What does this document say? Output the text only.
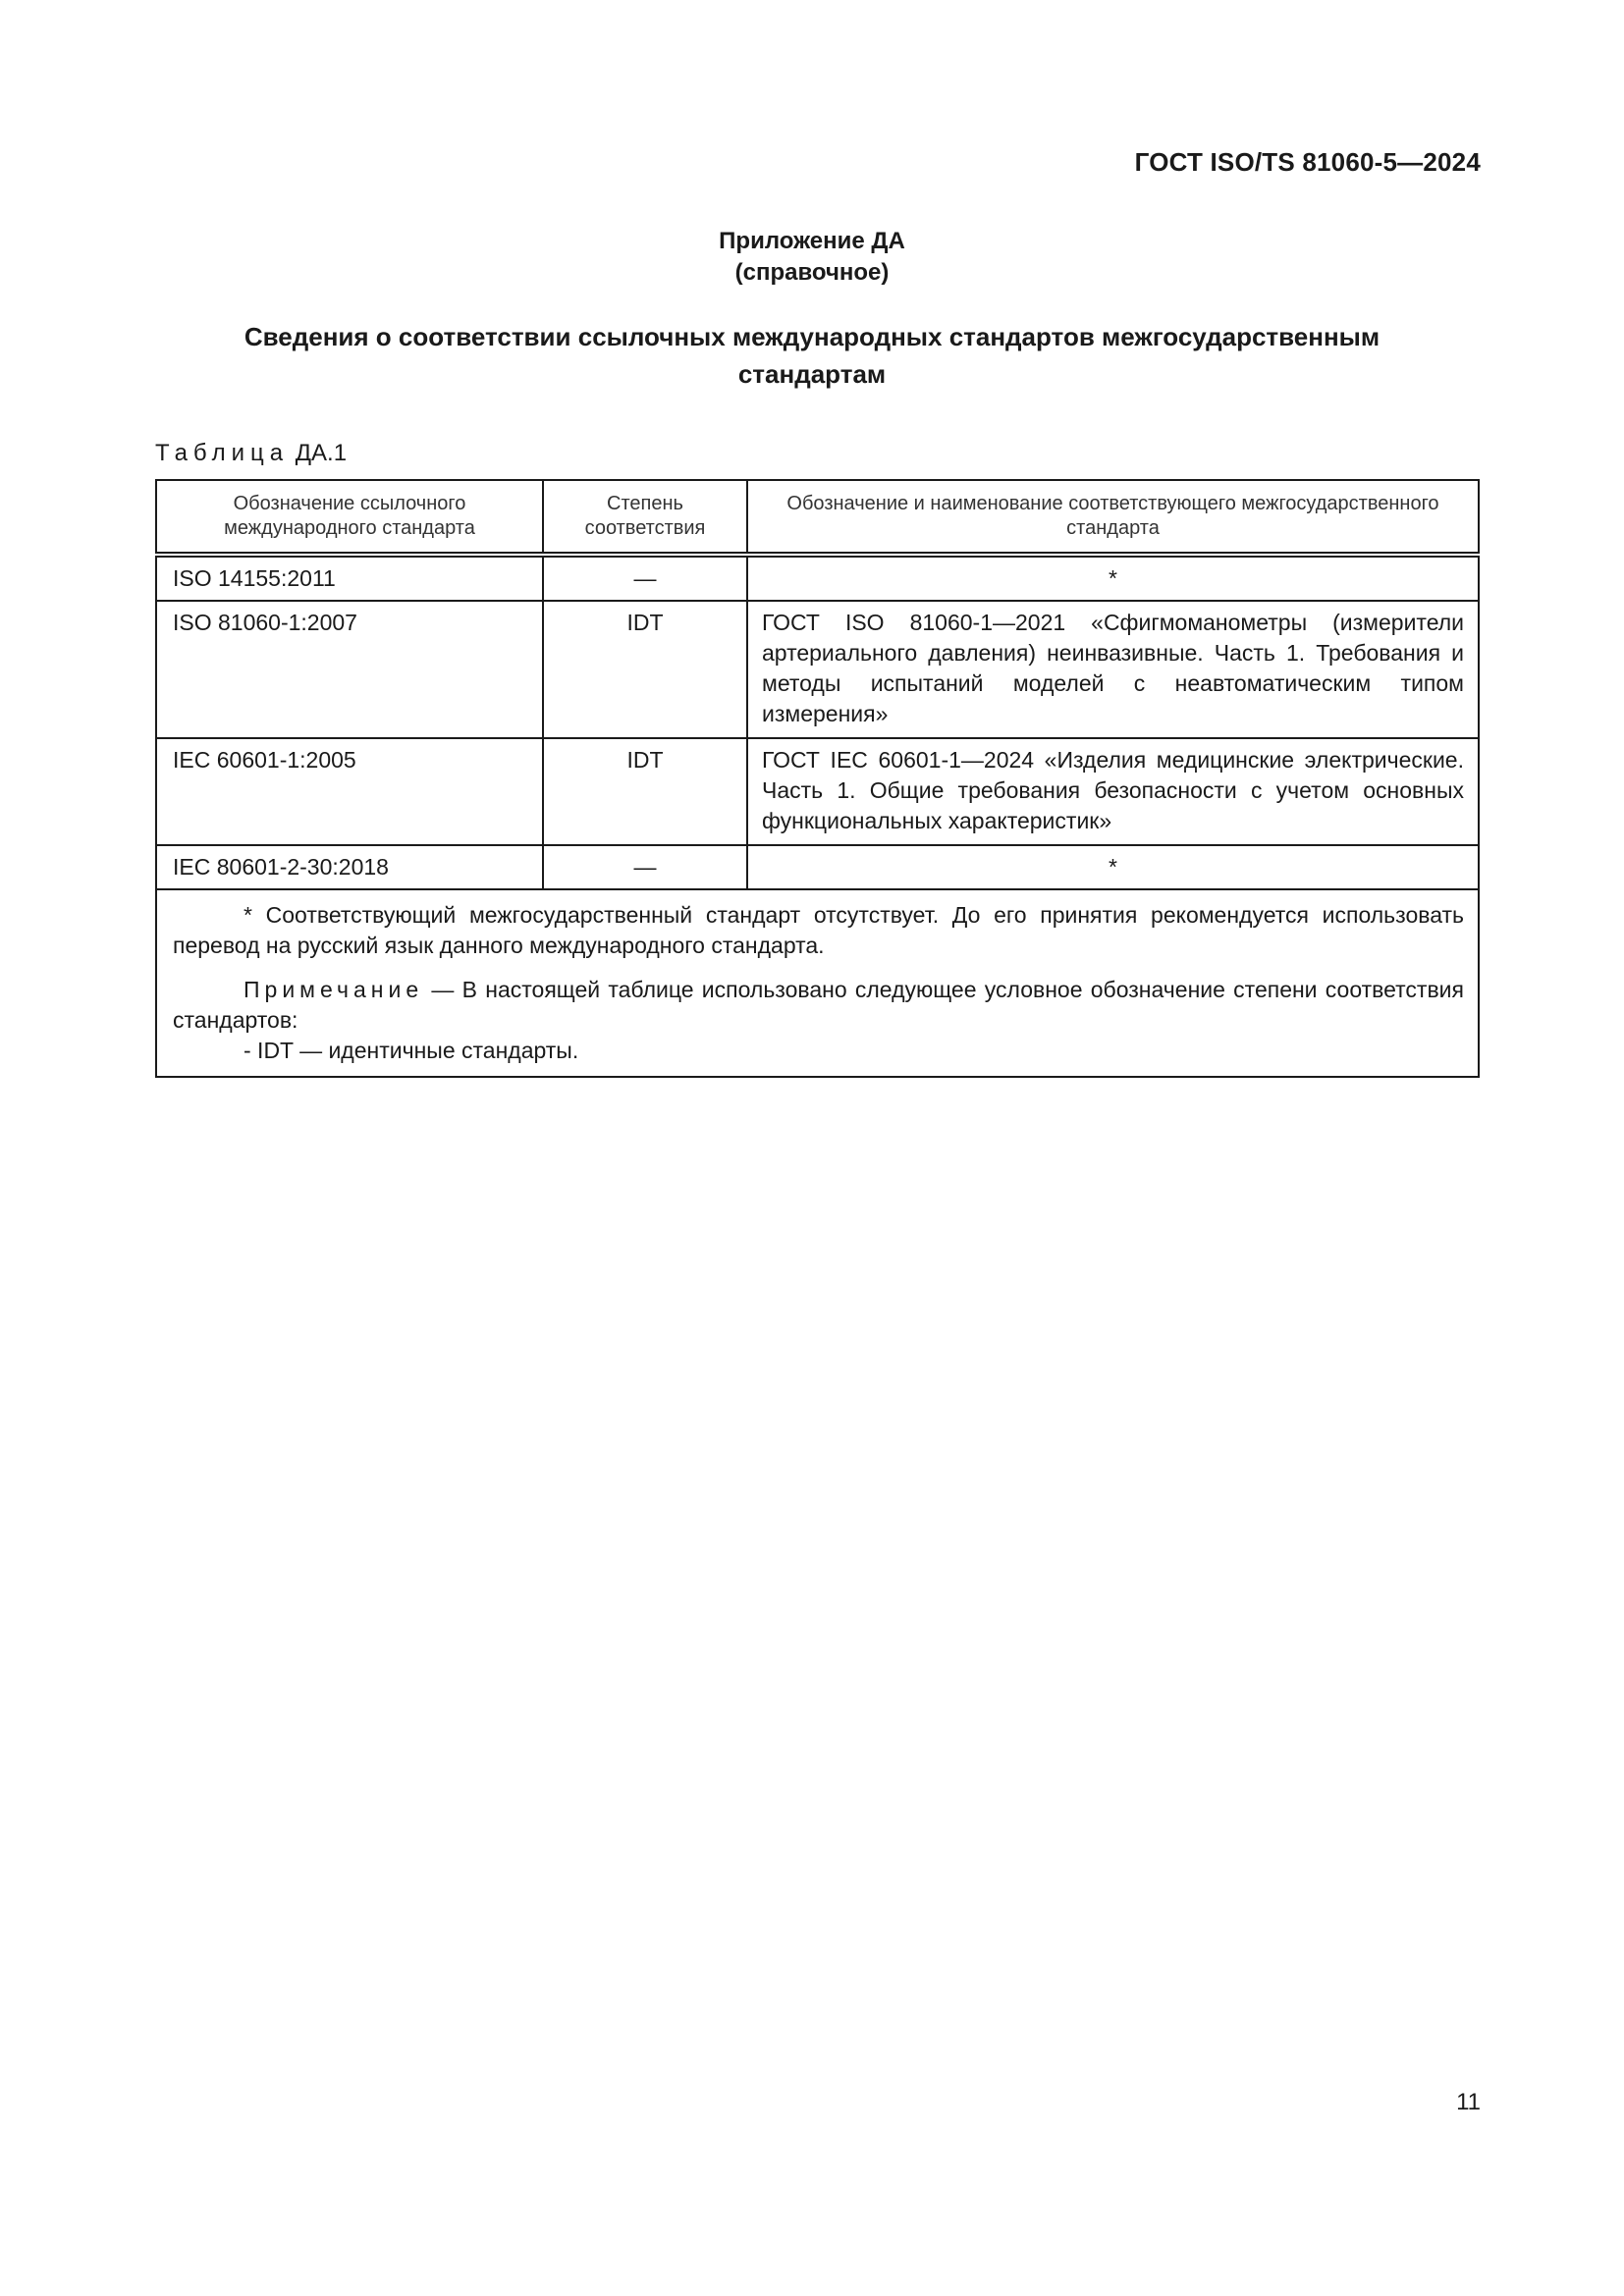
ГОСТ ISO/TS 81060-5—2024
Приложение ДА
(справочное)
Сведения о соответствии ссылочных международных стандартов межгосударственным
стандартам
Таблица ДА.1
Обозначение ссылочного международного стандарта	Степень соответствия	Обозначение и наименование соответствующего межгосударственного стандарта
ISO 14155:2011	—	*
ISO 81060-1:2007	IDT	ГОСТ ISO 81060-1—2021 «Сфигмоманометры (измерители артериального давления) неинвазивные. Часть 1. Требования и методы испытаний моделей с неавтоматическим типом измерения»
IEC 60601-1:2005	IDT	ГОСТ IEC 60601-1—2024 «Изделия медицинские электрические. Часть 1. Общие требования безопасности с учетом основных функциональных характеристик»
IEC 80601-2-30:2018	—	*

* Соответствующий межгосударственный стандарт отсутствует. До его принятия рекомендуется использовать перевод на русский язык данного международного стандарта.

Примечание — В настоящей таблице использовано следующее условное обозначение степени соответствия стандартов:

- IDT — идентичные стандарты.		

11
